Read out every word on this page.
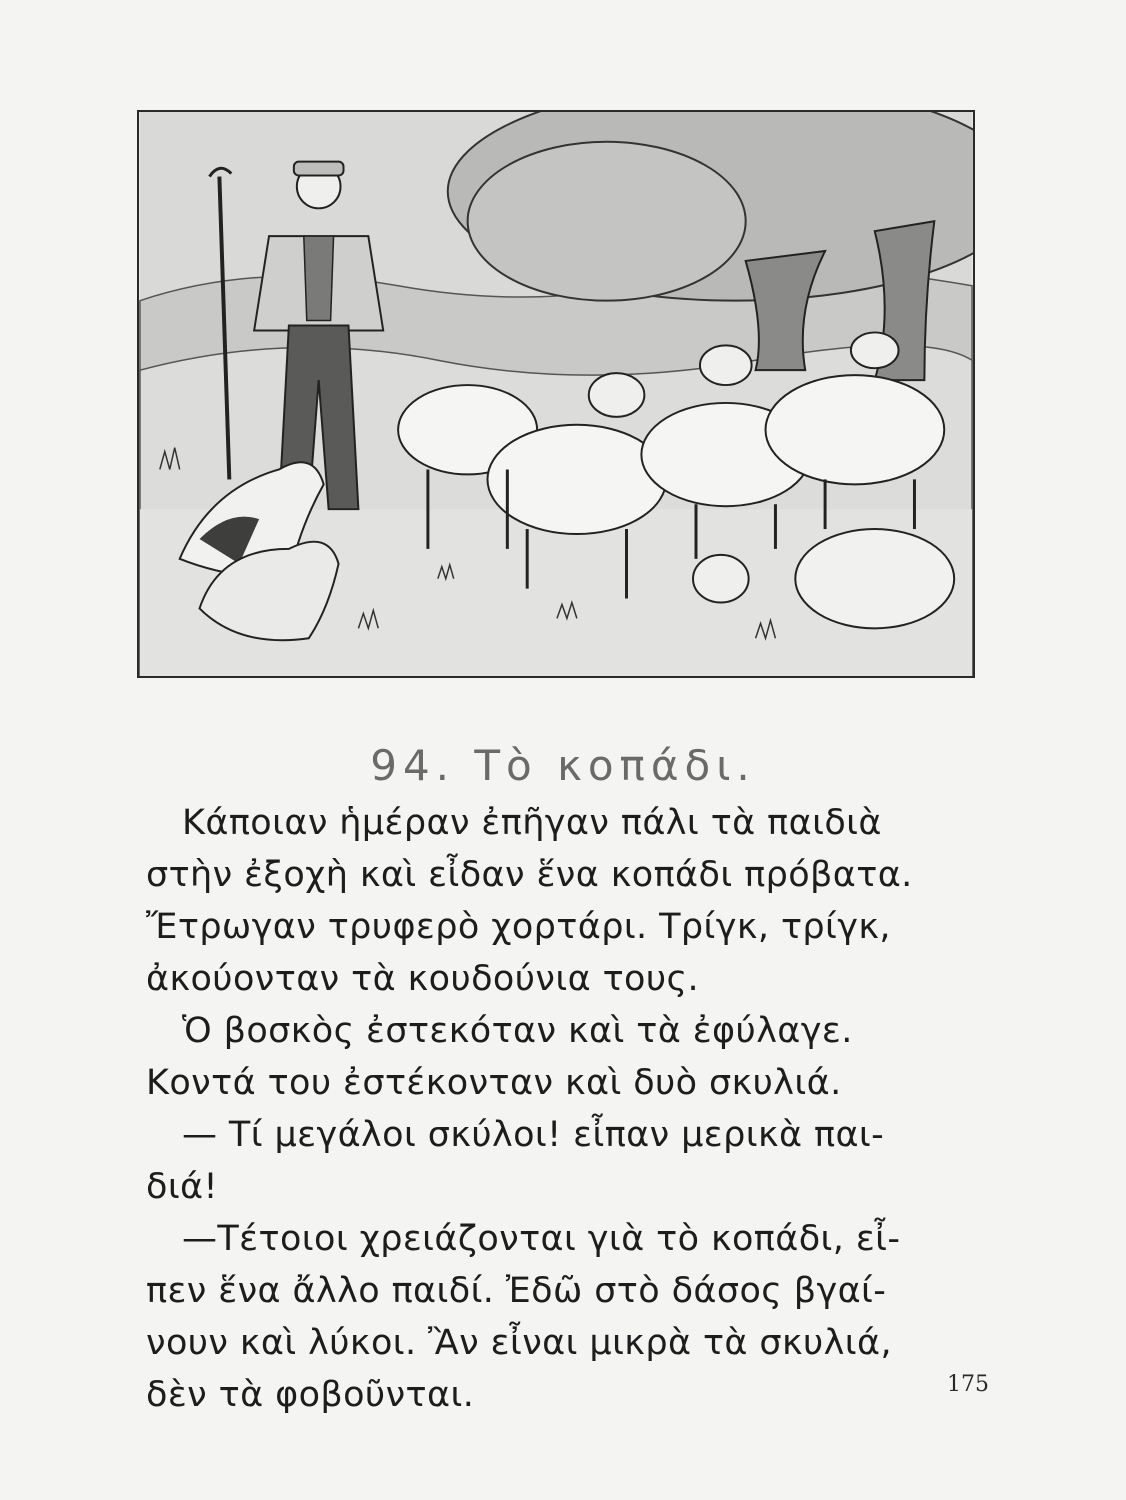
94. Τὸ κοπάδι.
Κάποιαν ἡμέραν ἐπῆγαν πάλι τὰ παιδιὰ
στὴν ἐξοχὴ καὶ εἶδαν ἕνα κοπάδι πρόβατα.
Ἔτρωγαν τρυφερὸ χορτάρι. Τρίγκ, τρίγκ,
ἀκούονταν τὰ κουδούνια τους.
Ὁ βοσκὸς ἐστεκόταν καὶ τὰ ἐφύλαγε.
Κοντά του ἐστέκονταν καὶ δυὸ σκυλιά.
— Τί μεγάλοι σκύλοι! εἶπαν μερικὰ παι-
διά!
—Τέτοιοι χρειάζονται γιὰ τὸ κοπάδι, εἶ-
πεν ἕνα ἄλλο παιδί. Ἐδῶ στὸ δάσος βγαί-
νουν καὶ λύκοι. Ἂν εἶναι μικρὰ τὰ σκυλιά,
δὲν τὰ φοβοῦνται.	175
